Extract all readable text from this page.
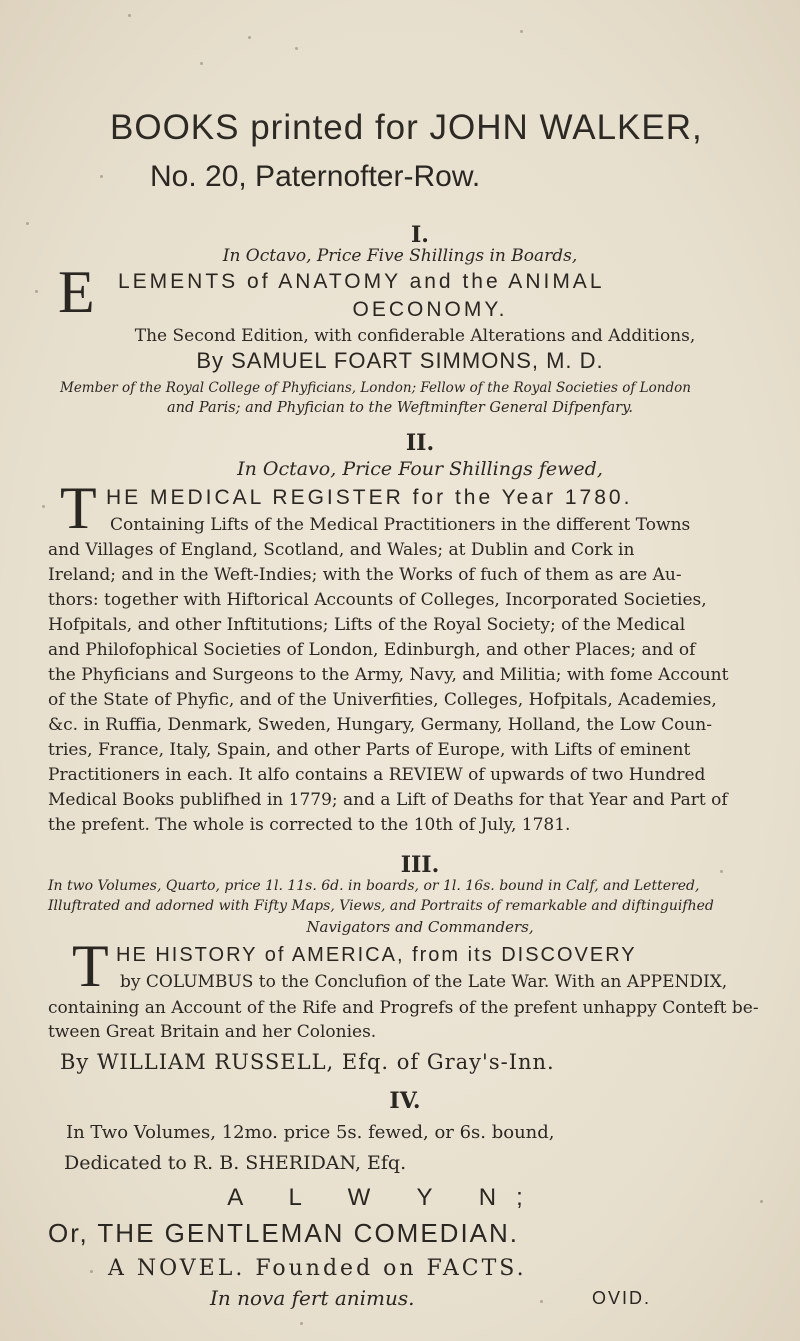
BOOKS printed for JOHN WALKER,
No. 20, Paternofter-Row.
I.
In Octavo, Price Five Shillings in Boards,
E	LEMENTS of ANATOMY and the ANIMAL
OECONOMY.
The Second Edition, with confiderable Alterations and Additions,
By SAMUEL FOART SIMMONS, M. D.
Member of the Royal College of Phyficians, London; Fellow of the Royal Societies of London
and Paris; and Phyfician to the Weftminfter General Difpenfary.
II.
In Octavo, Price Four Shillings fewed,
T HE MEDICAL REGISTER for the Year 1780.
Containing Lifts of the Medical Practitioners in the different Towns
and Villages of England, Scotland, and Wales; at Dublin and Cork in
Ireland; and in the Weft-Indies; with the Works of fuch of them as are Au-
thors: together with Hiftorical Accounts of Colleges, Incorporated Societies,
Hofpitals, and other Inftitutions; Lifts of the Royal Society; of the Medical
and Philofophical Societies of London, Edinburgh, and other Places; and of
the Phyficians and Surgeons to the Army, Navy, and Militia; with fome Account
of the State of Phyfic, and of the Univerfities, Colleges, Hofpitals, Academies,
&c. in Ruffia, Denmark, Sweden, Hungary, Germany, Holland, the Low Coun-
tries, France, Italy, Spain, and other Parts of Europe, with Lifts of eminent
Practitioners in each. It alfo contains a REVIEW of upwards of two Hundred
Medical Books publifhed in 1779; and a Lift of Deaths for that Year and Part of
the prefent. The whole is corrected to the 10th of July, 1781.
III.
In two Volumes, Quarto, price 1l. 11s. 6d. in boards, or 1l. 16s. bound in Calf, and Lettered,
Illuftrated and adorned with Fifty Maps, Views, and Portraits of remarkable and diftinguifhed
Navigators and Commanders,
T HE HISTORY of AMERICA, from its DISCOVERY
by COLUMBUS to the Conclufion of the Late War. With an APPENDIX,
containing an Account of the Rife and Progrefs of the prefent unhappy Conteft be-
tween Great Britain and her Colonies.
By WILLIAM RUSSELL, Efq. of Gray's-Inn.
IV.
In Two Volumes, 12mo. price 5s. fewed, or 6s. bound,
Dedicated to R. B. SHERIDAN, Efq.
A L W Y N;
Or, THE GENTLEMAN COMEDIAN.
A NOVEL. Founded on FACTS.
In nova fert animus.	OVID.
